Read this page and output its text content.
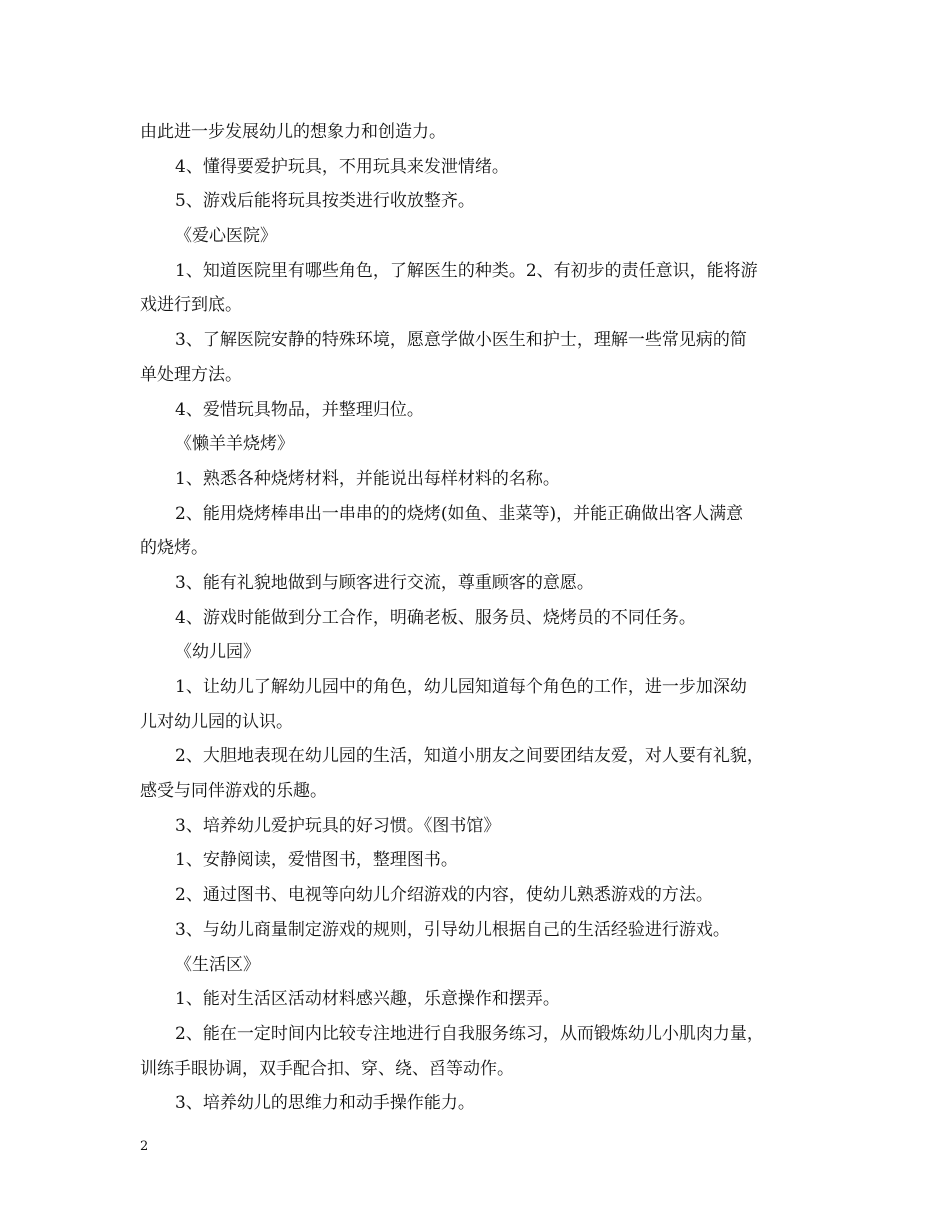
由此进一步发展幼儿的想象力和创造力。
4、懂得要爱护玩具，不用玩具来发泄情绪。
5、游戏后能将玩具按类进行收放整齐。
《爱心医院》
1、知道医院里有哪些角色，了解医生的种类。2、有初步的责任意识，能将游
戏进行到底。
3、了解医院安静的特殊环境，愿意学做小医生和护士，理解一些常见病的简
单处理方法。
4、爱惜玩具物品，并整理归位。
《懒羊羊烧烤》
1、熟悉各种烧烤材料，并能说出每样材料的名称。
2、能用烧烤棒串出一串串的的烧烤(如鱼、韭菜等)，并能正确做出客人满意
的烧烤。
3、能有礼貌地做到与顾客进行交流，尊重顾客的意愿。
4、游戏时能做到分工合作，明确老板、服务员、烧烤员的不同任务。
《幼儿园》
1、让幼儿了解幼儿园中的角色，幼儿园知道每个角色的工作，进一步加深幼
儿对幼儿园的认识。
2、大胆地表现在幼儿园的生活，知道小朋友之间要团结友爱，对人要有礼貌，
感受与同伴游戏的乐趣。
3、培养幼儿爱护玩具的好习惯。《图书馆》
1、安静阅读，爱惜图书，整理图书。
2、通过图书、电视等向幼儿介绍游戏的内容，使幼儿熟悉游戏的方法。
3、与幼儿商量制定游戏的规则，引导幼儿根据自己的生活经验进行游戏。
《生活区》
1、能对生活区活动材料感兴趣，乐意操作和摆弄。
2、能在一定时间内比较专注地进行自我服务练习，从而锻炼幼儿小肌肉力量，
训练手眼协调，双手配合扣、穿、绕、舀等动作。
3、培养幼儿的思维力和动手操作能力。
2
